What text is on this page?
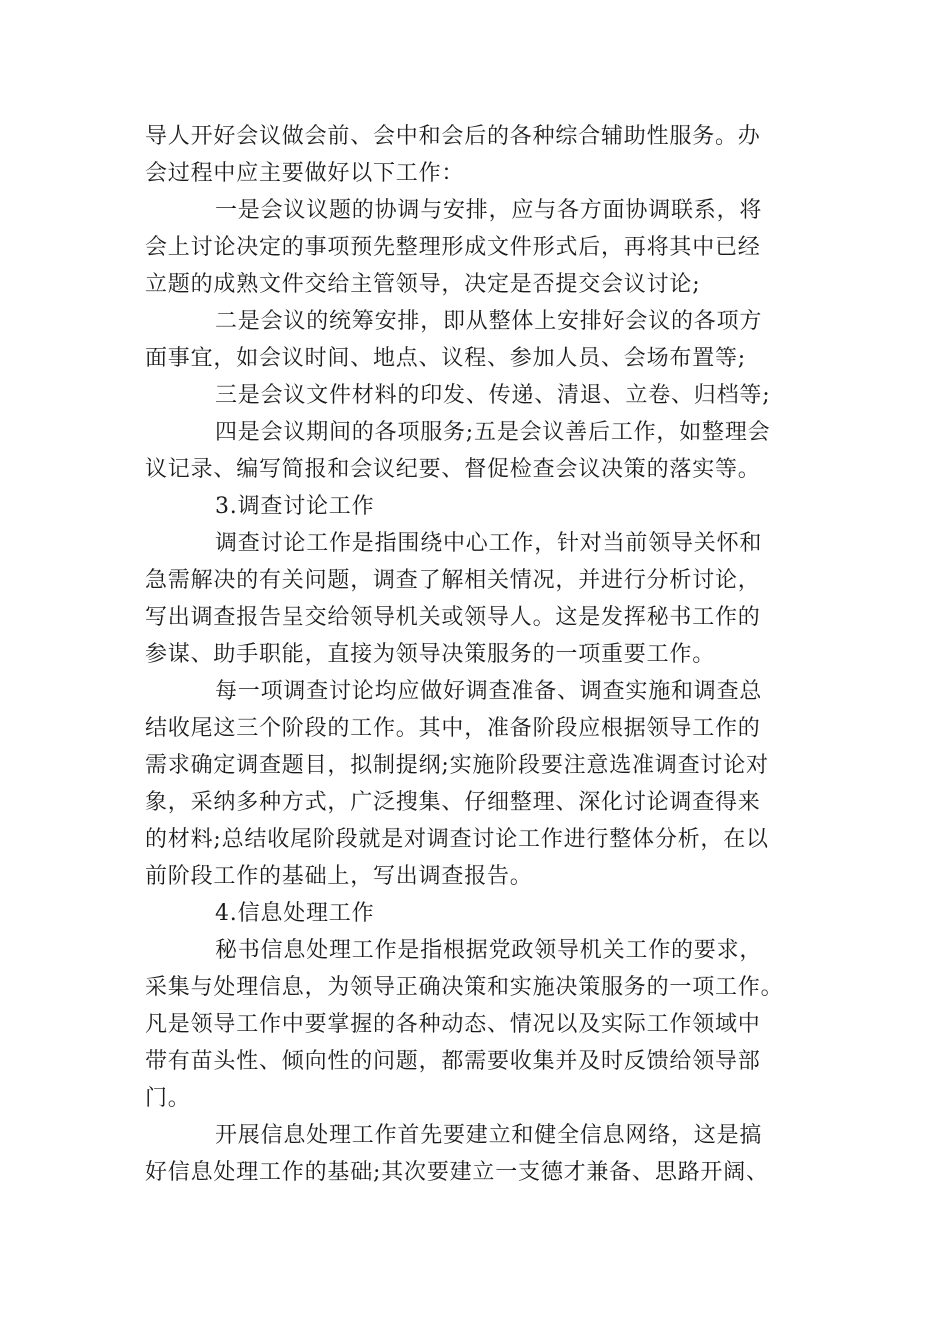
导人开好会议做会前、会中和会后的各种综合辅助性服务。办
会过程中应主要做好以下工作：
一是会议议题的协调与安排，应与各方面协调联系，将
会上讨论决定的事项预先整理形成文件形式后，再将其中已经
立题的成熟文件交给主管领导，决定是否提交会议讨论;
二是会议的统筹安排，即从整体上安排好会议的各项方
面事宜，如会议时间、地点、议程、参加人员、会场布置等;
三是会议文件材料的印发、传递、清退、立卷、归档等;
四是会议期间的各项服务;五是会议善后工作，如整理会
议记录、编写简报和会议纪要、督促检查会议决策的落实等。
3.调查讨论工作
调查讨论工作是指围绕中心工作，针对当前领导关怀和
急需解决的有关问题，调查了解相关情况，并进行分析讨论，
写出调查报告呈交给领导机关或领导人。这是发挥秘书工作的
参谋、助手职能，直接为领导决策服务的一项重要工作。
每一项调查讨论均应做好调查准备、调查实施和调查总
结收尾这三个阶段的工作。其中，准备阶段应根据领导工作的
需求确定调查题目，拟制提纲;实施阶段要注意选准调查讨论对
象，采纳多种方式，广泛搜集、仔细整理、深化讨论调查得来
的材料;总结收尾阶段就是对调查讨论工作进行整体分析，在以
前阶段工作的基础上，写出调查报告。
4.信息处理工作
秘书信息处理工作是指根据党政领导机关工作的要求，
采集与处理信息，为领导正确决策和实施决策服务的一项工作。
凡是领导工作中要掌握的各种动态、情况以及实际工作领域中
带有苗头性、倾向性的问题，都需要收集并及时反馈给领导部
门。
开展信息处理工作首先要建立和健全信息网络，这是搞
好信息处理工作的基础;其次要建立一支德才兼备、思路开阔、
